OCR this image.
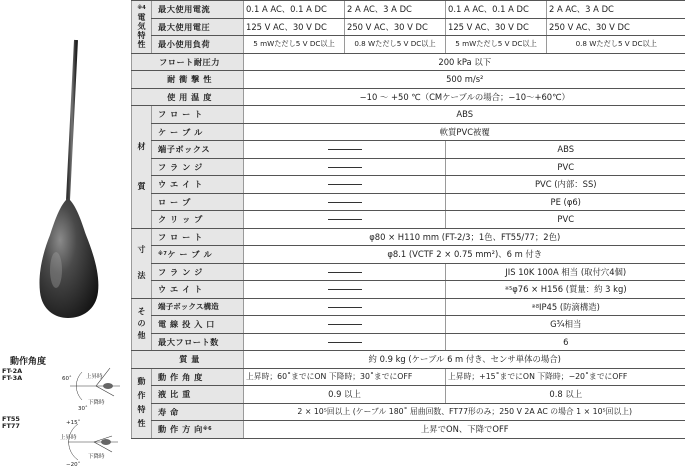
動作角度
FT-2A
FT-3A
FT55
FT77
60˚	上昇時
下降時
30˚
+15˚
上昇時
下降時
−20˚
$^{※4}$
電気特性	最大使用電流	0.1 A AC、0.1 A DC	2 A AC、3 A DC	0.1 A AC、0.1 A DC	2 A AC、3 A DC
	最大使用電圧	125 V AC、30 V DC	250 V AC、30 V DC	125 V AC、30 V DC	250 V AC、30 V DC
	最小使用負荷	5 mWただし5 V DC以上	0.8 Wただし5 V DC以上	5 mWただし5 V DC以上	0.8 Wただし5 V DC以上
フロート耐圧力		200 kPa 以下			
耐 衝 撃 性		500 m/s²			
使 用 温 度		−10 〜 +50 ℃（CMケーブルの場合；−10〜+60℃）			
材質	フ ロ ー ト	ABS			
	ケ ー ブ ル	軟質PVC被覆			
	端子ボックス			ABS	
	フ ラ ン ジ			PVC	
	ウ エ イ ト			PVC (内部：SS)	
	ロ ー プ			PE (φ6)	
	ク リ ッ プ			PVC	
寸法	フ ロ ー ト	φ80 × H110 mm (FT-2/3；1色、FT55/77；2色)			
	$^{※7}$ケ ー ブ ル	φ8.1 (VCTF 2 × 0.75 mm²)、6 m 付き			
	フ ラ ン ジ			JIS 10K 100A 相当 (取付穴4個)	
	ウ エ イ ト			$^{※5}$φ76 × H156 (質量：約 3 kg)	
その他	端子ボックス構造			$^{※8}$IP45 (防滴構造)	
	電 線 投 入 口			G¾相当	
	最大フロート数			6	
質 量		約 0.9 kg (ケーブル 6 m 付き、センサ単体の場合)			
動作特性	動 作 角 度	上昇時；60˚までにON 下降時；30˚までにOFF		上昇時；+15˚までにON 下降時；−20˚までにOFF	
	液 比 重	0.9 以上		0.8 以上	
	寿 命	2 × 10⁵回以上 (ケーブル 180˚ 屈曲回数、FT77形のみ；250 V 2A AC の場合 1 × 10⁵回以上)			
	動 作 方 向$^{※6}$	上昇でON、下降でOFF			
